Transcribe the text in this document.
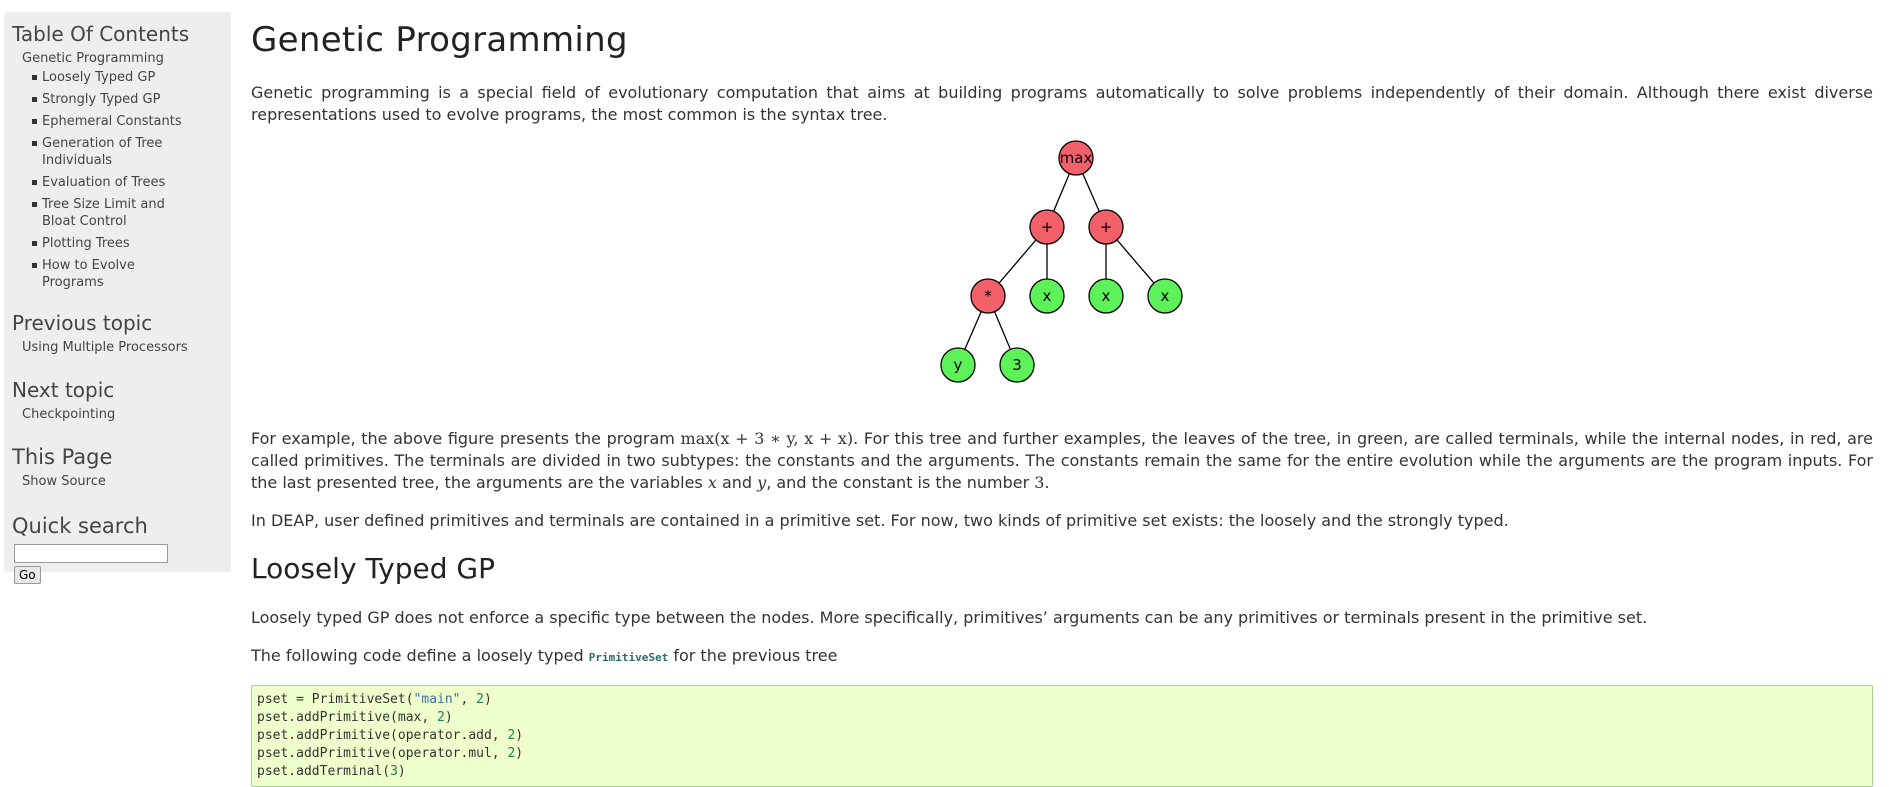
Table Of Contents
Genetic Programming
Loosely Typed GP
Strongly Typed GP
Ephemeral Constants
Generation of Tree Individuals
Evaluation of Trees
Tree Size Limit and Bloat Control
Plotting Trees
How to Evolve Programs
Previous topic
Using Multiple Processors
Next topic
Checkpointing
This Page
Show Source
Quick search
Go
Genetic Programming

Genetic programming is a special field of evolutionary computation that aims at building programs automatically to solve problems independently of their domain. Although there exist diverse representations used to evolve programs, the most common is the syntax tree.

max
+	+
*	x	x	x
y	3

For example, the above figure presents the program max(x + 3 ∗ y, x + x). For this tree and further examples, the leaves of the tree, in green, are called terminals, while the internal nodes, in red, are called primitives. The terminals are divided in two subtypes: the constants and the arguments. The constants remain the same for the entire evolution while the arguments are the program inputs. For the last presented tree, the arguments are the variables x and y, and the constant is the number 3.

In DEAP, user defined primitives and terminals are contained in a primitive set. For now, two kinds of primitive set exists: the loosely and the strongly typed.

Loosely Typed GP

Loosely typed GP does not enforce a specific type between the nodes. More specifically, primitives’ arguments can be any primitives or terminals present in the primitive set.

The following code define a loosely typed PrimitiveSet for the previous tree

pset = PrimitiveSet("main", 2)
pset.addPrimitive(max, 2)
pset.addPrimitive(operator.add, 2)
pset.addPrimitive(operator.mul, 2)
pset.addTerminal(3)
